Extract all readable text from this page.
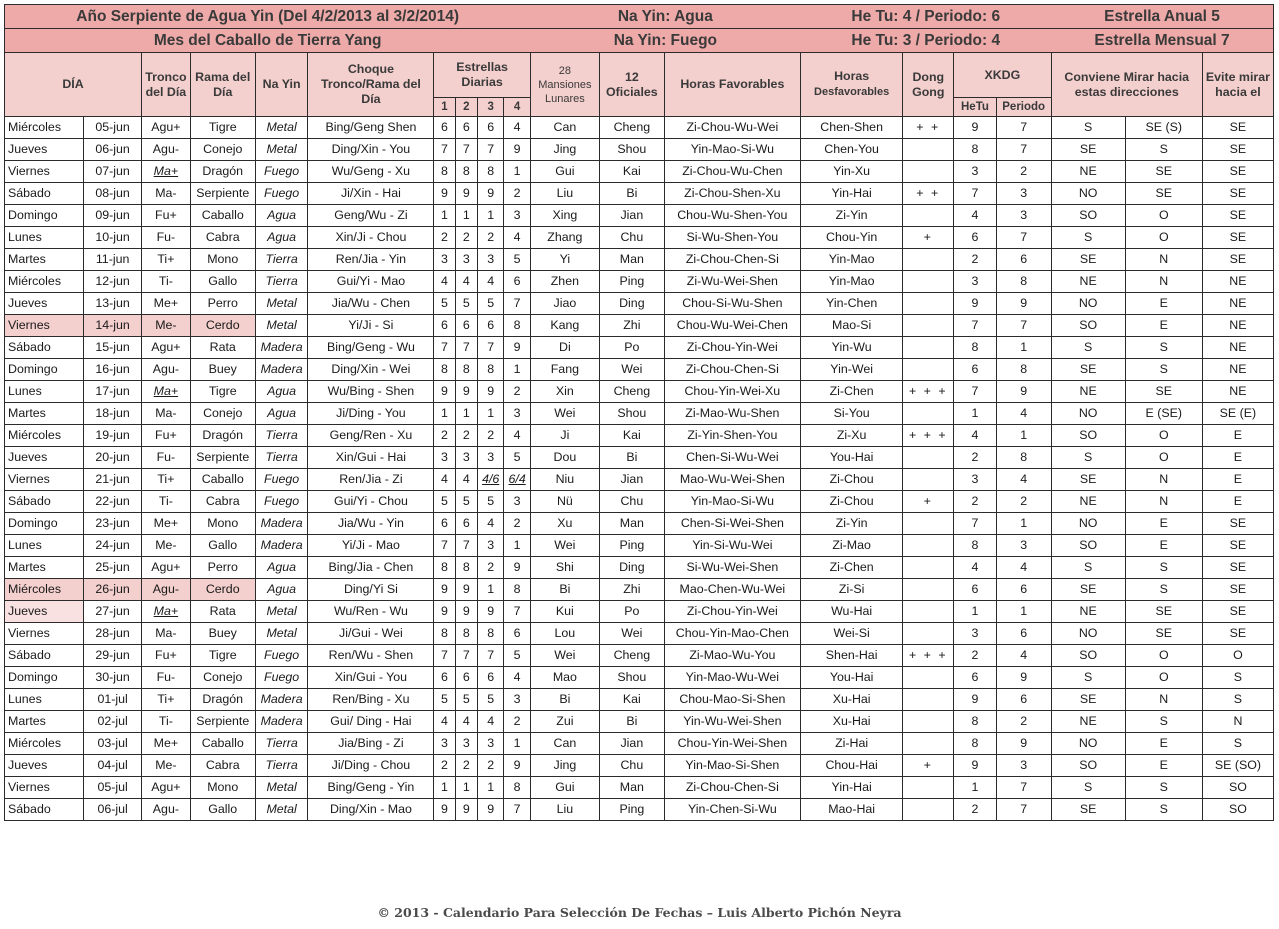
Año Serpiente de Agua Yin (Del 4/2/2013 al 3/2/2014)										Na Yin: Agua			He Tu: 4 / Periodo: 6				Estrella Anual 5		
Mes del Caballo de Tierra Yang										Na Yin: Fuego			He Tu: 3 / Periodo: 4				Estrella Mensual 7		
DÍA		Tronco del Día	Rama del Día	Na Yin	Choque Tronco/Rama del Día	Estrellas Diarias				28 Mansiones Lunares	12 Oficiales	Horas Favorables	Horas
Desfavorables	Dong Gong	XKDG		Conviene Mirar hacia estas direcciones		Evite mirar hacia el
						1	2	3	4						HeTu	Periodo			
Miércoles	05-jun	Agu+	Tigre	Metal	Bing/Geng Shen	6	6	6	4	Can	Cheng	Zi-Chou-Wu-Wei	Chen-Shen	+ +	9	7	S	SE (S)	SE
Jueves	06-jun	Agu-	Conejo	Metal	Ding/Xin - You	7	7	7	9	Jing	Shou	Yin-Mao-Si-Wu	Chen-You		8	7	SE	S	SE
Viernes	07-jun	Ma+	Dragón	Fuego	Wu/Geng - Xu	8	8	8	1	Gui	Kai	Zi-Chou-Wu-Chen	Yin-Xu		3	2	NE	SE	SE
Sábado	08-jun	Ma-	Serpiente	Fuego	Ji/Xin - Hai	9	9	9	2	Liu	Bi	Zi-Chou-Shen-Xu	Yin-Hai	+ +	7	3	NO	SE	SE
Domingo	09-jun	Fu+	Caballo	Agua	Geng/Wu - Zi	1	1	1	3	Xing	Jian	Chou-Wu-Shen-You	Zi-Yin		4	3	SO	O	SE
Lunes	10-jun	Fu-	Cabra	Agua	Xin/Ji - Chou	2	2	2	4	Zhang	Chu	Si-Wu-Shen-You	Chou-Yin	+	6	7	S	O	SE
Martes	11-jun	Ti+	Mono	Tierra	Ren/Jia - Yin	3	3	3	5	Yi	Man	Zi-Chou-Chen-Si	Yin-Mao		2	6	SE	N	SE
Miércoles	12-jun	Ti-	Gallo	Tierra	Gui/Yi - Mao	4	4	4	6	Zhen	Ping	Zi-Wu-Wei-Shen	Yin-Mao		3	8	NE	N	NE
Jueves	13-jun	Me+	Perro	Metal	Jia/Wu - Chen	5	5	5	7	Jiao	Ding	Chou-Si-Wu-Shen	Yin-Chen		9	9	NO	E	NE
Viernes	14-jun	Me-	Cerdo	Metal	Yi/Ji - Si	6	6	6	8	Kang	Zhi	Chou-Wu-Wei-Chen	Mao-Si		7	7	SO	E	NE
Sábado	15-jun	Agu+	Rata	Madera	Bing/Geng - Wu	7	7	7	9	Di	Po	Zi-Chou-Yin-Wei	Yin-Wu		8	1	S	S	NE
Domingo	16-jun	Agu-	Buey	Madera	Ding/Xin - Wei	8	8	8	1	Fang	Wei	Zi-Chou-Chen-Si	Yin-Wei		6	8	SE	S	NE
Lunes	17-jun	Ma+	Tigre	Agua	Wu/Bing - Shen	9	9	9	2	Xin	Cheng	Chou-Yin-Wei-Xu	Zi-Chen	+ + +	7	9	NE	SE	NE
Martes	18-jun	Ma-	Conejo	Agua	Ji/Ding - You	1	1	1	3	Wei	Shou	Zi-Mao-Wu-Shen	Si-You		1	4	NO	E (SE)	SE (E)
Miércoles	19-jun	Fu+	Dragón	Tierra	Geng/Ren - Xu	2	2	2	4	Ji	Kai	Zi-Yin-Shen-You	Zi-Xu	+ + +	4	1	SO	O	E
Jueves	20-jun	Fu-	Serpiente	Tierra	Xin/Gui - Hai	3	3	3	5	Dou	Bi	Chen-Si-Wu-Wei	You-Hai		2	8	S	O	E
Viernes	21-jun	Ti+	Caballo	Fuego	Ren/Jia - Zi	4	4	4/6	6/4	Niu	Jian	Mao-Wu-Wei-Shen	Zi-Chou		3	4	SE	N	E
Sábado	22-jun	Ti-	Cabra	Fuego	Gui/Yi - Chou	5	5	5	3	Nü	Chu	Yin-Mao-Si-Wu	Zi-Chou	+	2	2	NE	N	E
Domingo	23-jun	Me+	Mono	Madera	Jia/Wu - Yin	6	6	4	2	Xu	Man	Chen-Si-Wei-Shen	Zi-Yin		7	1	NO	E	SE
Lunes	24-jun	Me-	Gallo	Madera	Yi/Ji - Mao	7	7	3	1	Wei	Ping	Yin-Si-Wu-Wei	Zi-Mao		8	3	SO	E	SE
Martes	25-jun	Agu+	Perro	Agua	Bing/Jia - Chen	8	8	2	9	Shi	Ding	Si-Wu-Wei-Shen	Zi-Chen		4	4	S	S	SE
Miércoles	26-jun	Agu-	Cerdo	Agua	Ding/Yi Si	9	9	1	8	Bi	Zhi	Mao-Chen-Wu-Wei	Zi-Si		6	6	SE	S	SE
Jueves	27-jun	Ma+	Rata	Metal	Wu/Ren - Wu	9	9	9	7	Kui	Po	Zi-Chou-Yin-Wei	Wu-Hai		1	1	NE	SE	SE
Viernes	28-jun	Ma-	Buey	Metal	Ji/Gui - Wei	8	8	8	6	Lou	Wei	Chou-Yin-Mao-Chen	Wei-Si		3	6	NO	SE	SE
Sábado	29-jun	Fu+	Tigre	Fuego	Ren/Wu - Shen	7	7	7	5	Wei	Cheng	Zi-Mao-Wu-You	Shen-Hai	+ + +	2	4	SO	O	O
Domingo	30-jun	Fu-	Conejo	Fuego	Xin/Gui - You	6	6	6	4	Mao	Shou	Yin-Mao-Wu-Wei	You-Hai		6	9	S	O	S
Lunes	01-jul	Ti+	Dragón	Madera	Ren/Bing - Xu	5	5	5	3	Bi	Kai	Chou-Mao-Si-Shen	Xu-Hai		9	6	SE	N	S
Martes	02-jul	Ti-	Serpiente	Madera	Gui/ Ding - Hai	4	4	4	2	Zui	Bi	Yin-Wu-Wei-Shen	Xu-Hai		8	2	NE	S	N
Miércoles	03-jul	Me+	Caballo	Tierra	Jia/Bing - Zi	3	3	3	1	Can	Jian	Chou-Yin-Wei-Shen	Zi-Hai		8	9	NO	E	S
Jueves	04-jul	Me-	Cabra	Tierra	Ji/Ding - Chou	2	2	2	9	Jing	Chu	Yin-Mao-Si-Shen	Chou-Hai	+	9	3	SO	E	SE (SO)
Viernes	05-jul	Agu+	Mono	Metal	Bing/Geng - Yin	1	1	1	8	Gui	Man	Zi-Chou-Chen-Si	Yin-Hai		1	7	S	S	SO
Sábado	06-jul	Agu-	Gallo	Metal	Ding/Xin - Mao	9	9	9	7	Liu	Ping	Yin-Chen-Si-Wu	Mao-Hai		2	7	SE	S	SO
© 2013 - Calendario Para Selección De Fechas – Luis Alberto Pichón Neyra
